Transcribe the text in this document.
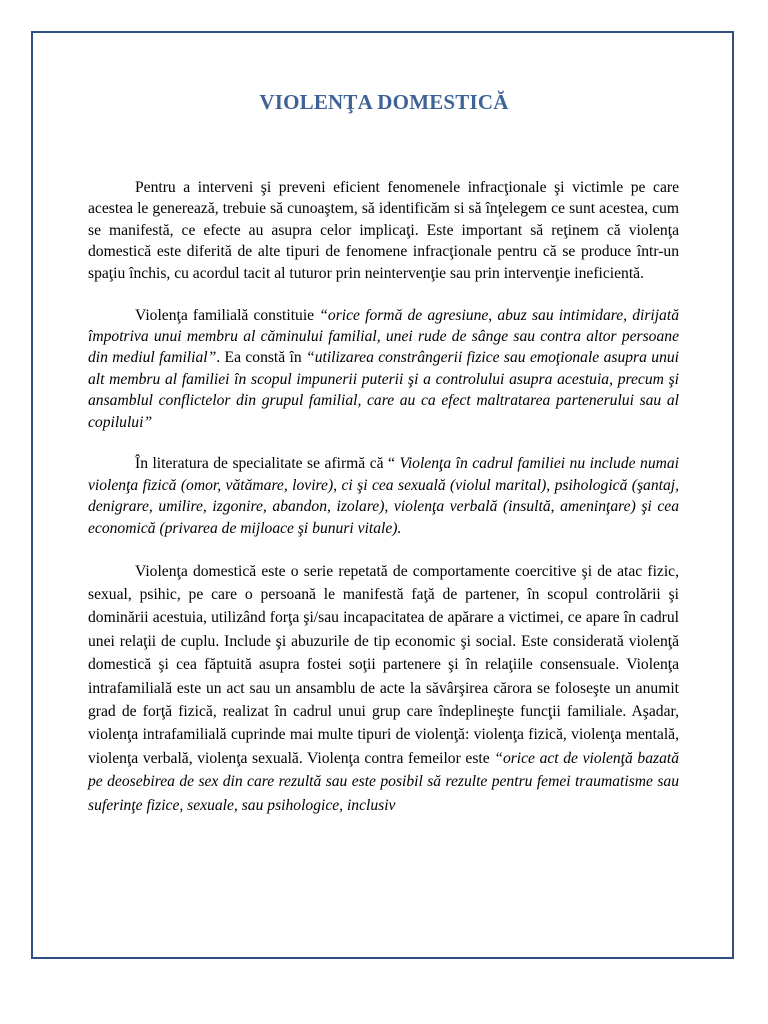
VIOLENŢA DOMESTICĂ

Pentru a interveni şi preveni eficient fenomenele infracţionale şi victimle pe care acestea le generează, trebuie să cunoaştem, să identificăm si să înţelegem ce sunt acestea, cum se manifestă, ce efecte au asupra celor implicaţi. Este important să reţinem că violenţa domestică este diferită de alte tipuri de fenomene infracţionale pentru că se produce într-un spaţiu închis, cu acordul tacit al tuturor prin neintervenţie sau prin intervenţie ineficientă.

Violenţa familială constituie “orice formă de agresiune, abuz sau intimidare, dirijată împotriva unui membru al căminului familial, unei rude de sânge sau contra altor persoane din mediul familial”. Ea constă în “utilizarea constrângerii fizice sau emoţionale asupra unui alt membru al familiei în scopul impunerii puterii şi a controlului asupra acestuia, precum şi ansamblul conflictelor din grupul familial, care au ca efect maltratarea partenerului sau al copilului”

În literatura de specialitate se afirmă că “ Violenţa în cadrul familiei nu include numai violenţa fizică (omor, vătămare, lovire), ci şi cea sexuală (violul marital), psihologică (şantaj, denigrare, umilire, izgonire, abandon, izolare), violenţa verbală (insultă, ameninţare) şi cea economică (privarea de mijloace şi bunuri vitale).

Violenţa domestică este o serie repetată de comportamente coercitive şi de atac fizic, sexual, psihic, pe care o persoană le manifestă faţă de partener, în scopul controlării şi dominării acestuia, utilizând forţa şi/sau incapacitatea de apărare a victimei, ce apare în cadrul unei relaţii de cuplu. Include şi abuzurile de tip economic şi social. Este considerată violenţă domestică şi cea făptuită asupra fostei soţii partenere şi în relaţiile consensuale. Violenţa intrafamilială este un act sau un ansamblu de acte la săvârşirea cărora se foloseşte un anumit grad de forţă fizică, realizat în cadrul unui grup care îndeplineşte funcţii familiale. Aşadar, violenţa intrafamilială cuprinde mai multe tipuri de violenţă: violenţa fizică, violenţa mentală, violenţa verbală, violenţa sexuală. Violenţa contra femeilor este “orice act de violenţă bazată pe deosebirea de sex din care rezultă sau este posibil să rezulte pentru femei traumatisme sau suferinţe fizice, sexuale, sau psihologice, inclusiv
